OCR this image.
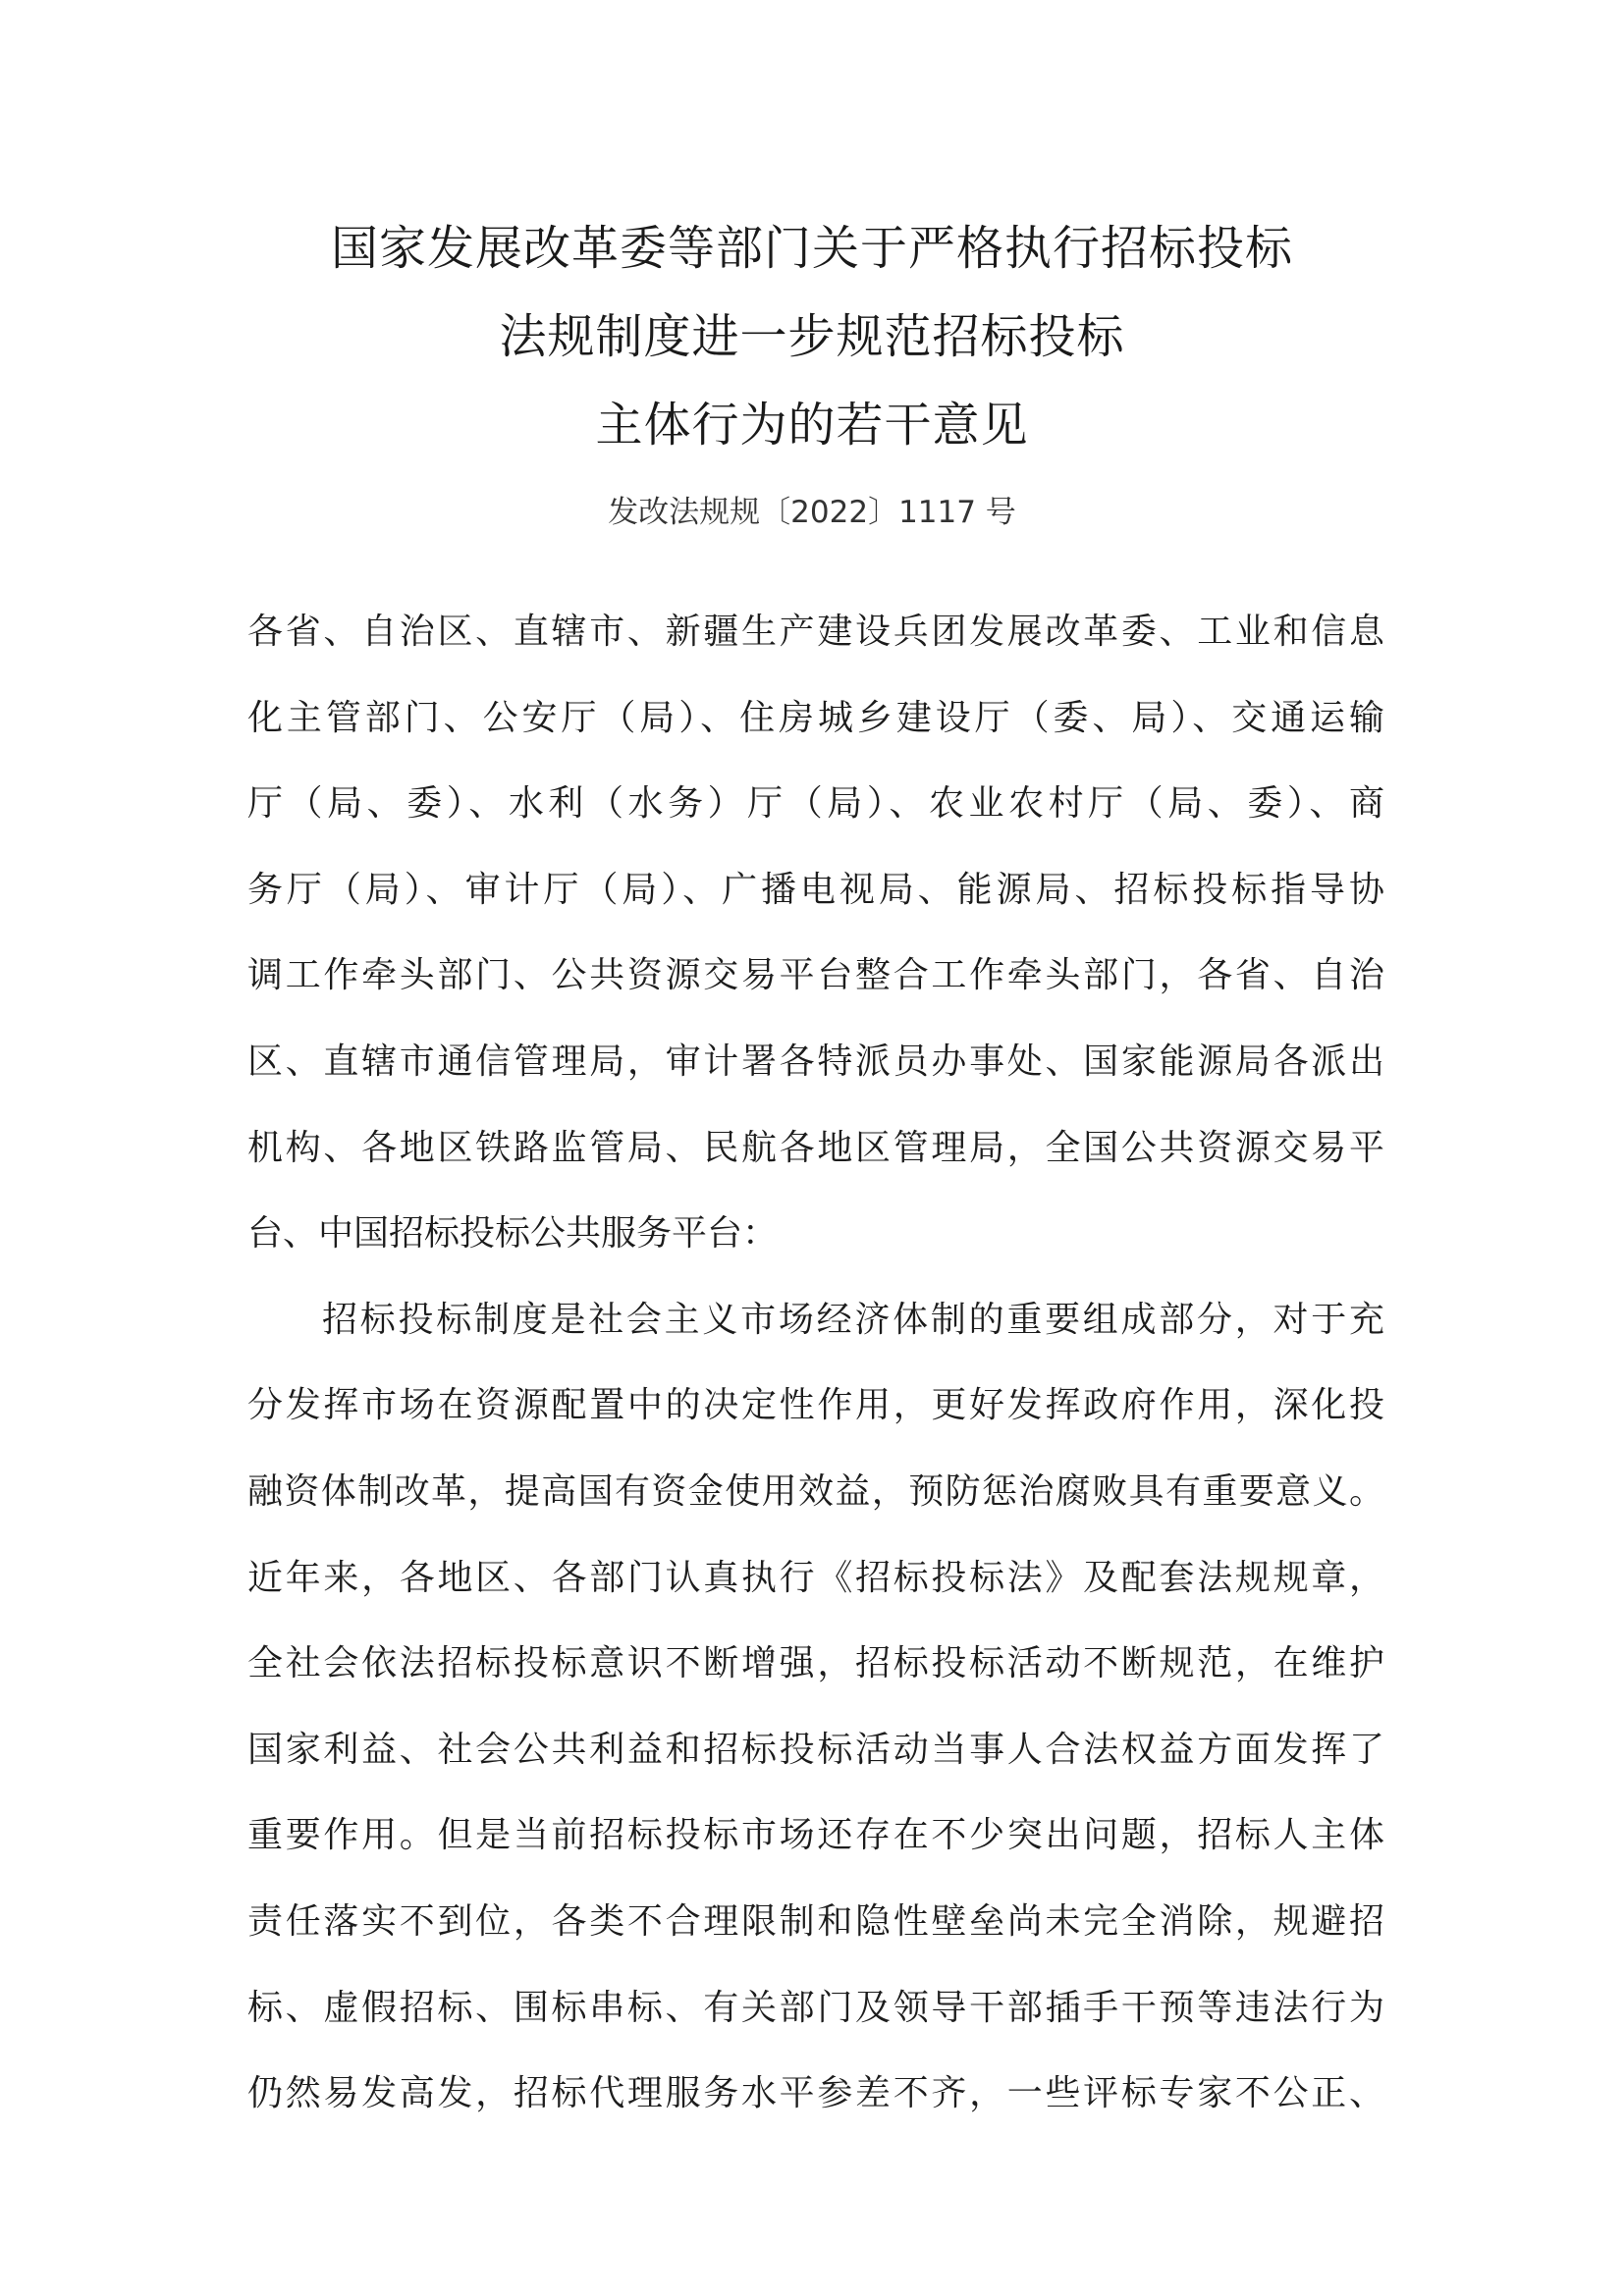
国家发展改革委等部门关于严格执行招标投标
法规制度进一步规范招标投标
主体行为的若干意见
发改法规规〔2022〕1117 号
各省、自治区、直辖市、新疆生产建设兵团发展改革委、工业和信息
化主管部门、公安厅（局）、住房城乡建设厅（委、局）、交通运输
厅（局、委）、水利（水务）厅（局）、农业农村厅（局、委）、商
务厅（局）、审计厅（局）、广播电视局、能源局、招标投标指导协
调工作牵头部门、公共资源交易平台整合工作牵头部门，各省、自治
区、直辖市通信管理局，审计署各特派员办事处、国家能源局各派出
机构、各地区铁路监管局、民航各地区管理局，全国公共资源交易平
台、中国招标投标公共服务平台：
招标投标制度是社会主义市场经济体制的重要组成部分，对于充
分发挥市场在资源配置中的决定性作用，更好发挥政府作用，深化投
融资体制改革，提高国有资金使用效益，预防惩治腐败具有重要意义。
近年来，各地区、各部门认真执行《招标投标法》及配套法规规章，
全社会依法招标投标意识不断增强，招标投标活动不断规范，在维护
国家利益、社会公共利益和招标投标活动当事人合法权益方面发挥了
重要作用。但是当前招标投标市场还存在不少突出问题，招标人主体
责任落实不到位，各类不合理限制和隐性壁垒尚未完全消除，规避招
标、虚假招标、围标串标、有关部门及领导干部插手干预等违法行为
仍然易发高发，招标代理服务水平参差不齐，一些评标专家不公正、
